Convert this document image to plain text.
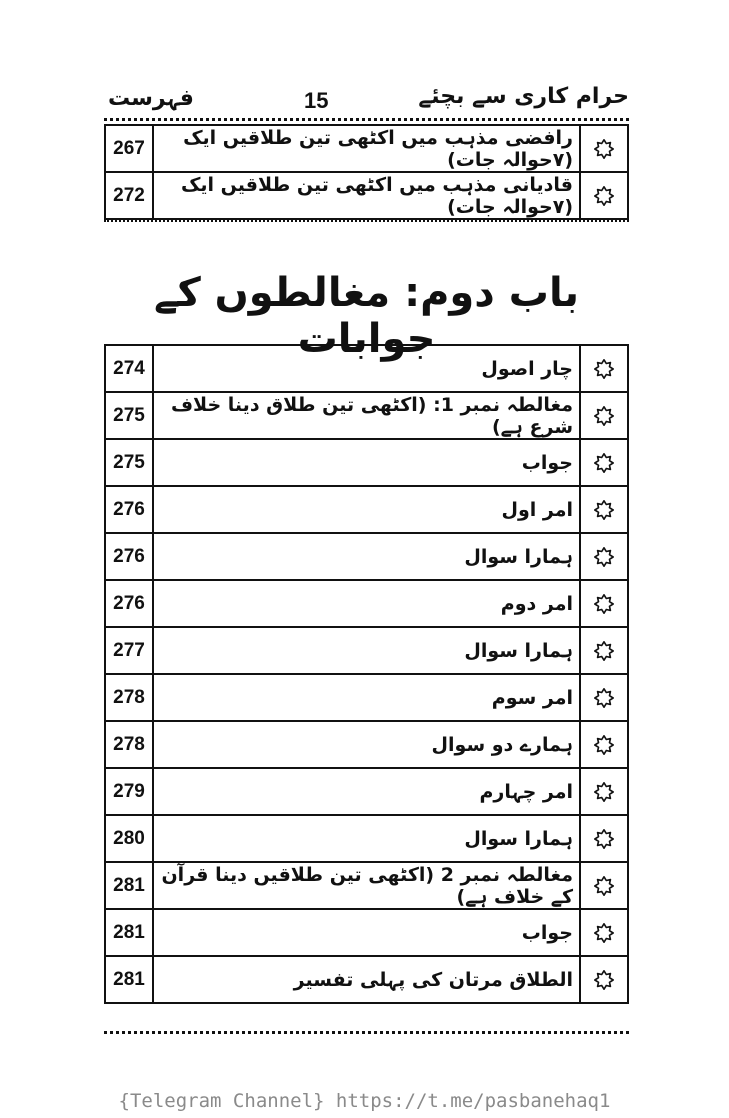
حرام کاری سے بچئے
15
فہرست
	رافضی مذہب میں اکٹھی تین طلاقیں ایک (۷حوالہ جات)	267
	قادیانی مذہب میں اکٹھی تین طلاقیں ایک (۷حوالہ جات)	272
باب دوم: مغالطوں کے جوابات
	چار اصول	274
	مغالطہ نمبر 1: (اکٹھی تین طلاق دینا خلاف شرع ہے)	275
	جواب	275
	امر اول	276
	ہمارا سوال	276
	امر دوم	276
	ہمارا سوال	277
	امر سوم	278
	ہمارے دو سوال	278
	امر چہارم	279
	ہمارا سوال	280
	مغالطہ نمبر 2 (اکٹھی تین طلاقیں دینا قرآن کے خلاف ہے)	281
	جواب	281
	الطلاق مرتان کی پہلی تفسیر	281
{Telegram Channel} https://t.me/pasbanehaq1
